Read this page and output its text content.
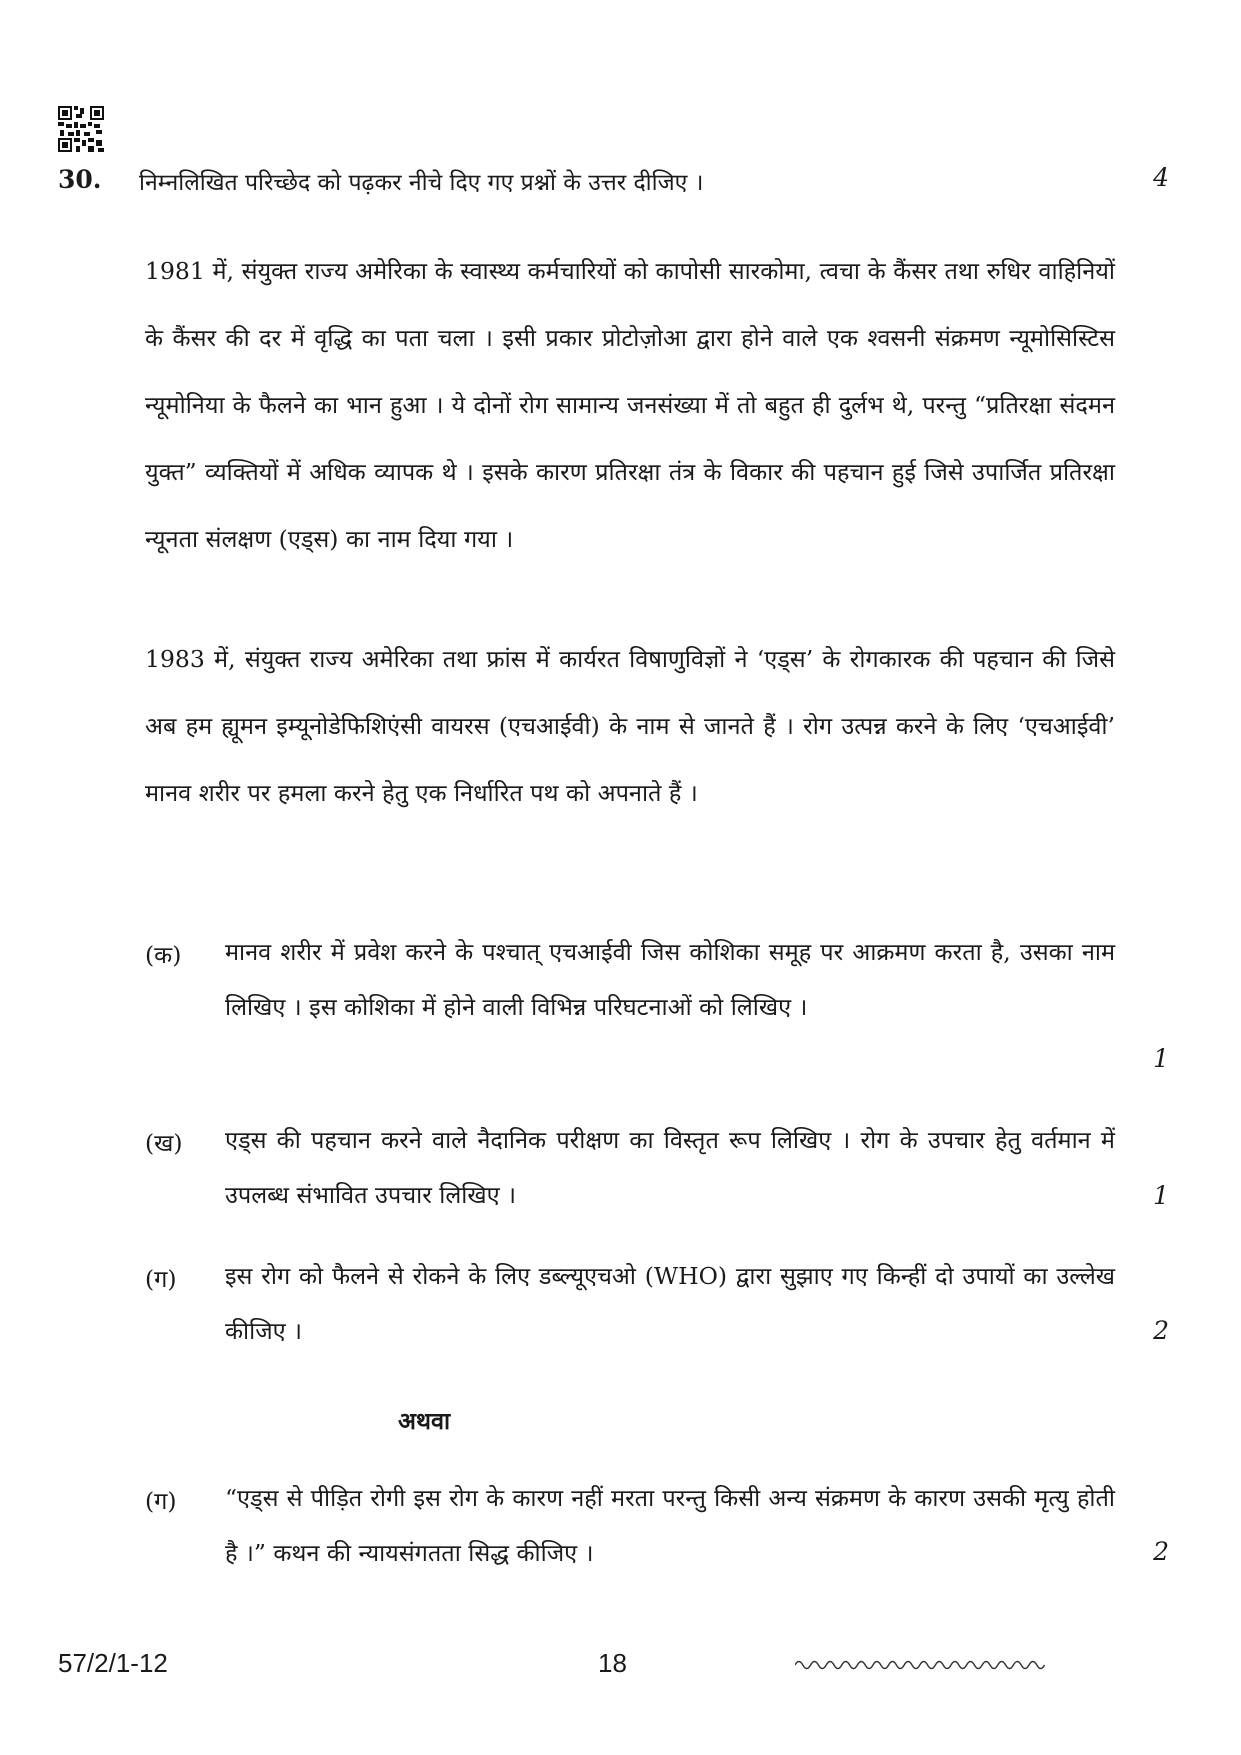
30. निम्नलिखित परिच्छेद को पढ़कर नीचे दिए गए प्रश्नों के उत्तर दीजिए ।	4

1981 में, संयुक्त राज्य अमेरिका के स्वास्थ्य कर्मचारियों को कापोसी सारकोमा, त्वचा के कैंसर तथा रुधिर वाहिनियों के कैंसर की दर में वृद्धि का पता चला । इसी प्रकार प्रोटोज़ोआ द्वारा होने वाले एक श्वसनी संक्रमण न्यूमोसिस्टिस न्यूमोनिया के फैलने का भान हुआ । ये दोनों रोग सामान्य जनसंख्या में तो बहुत ही दुर्लभ थे, परन्तु “प्रतिरक्षा संदमन युक्त” व्यक्तियों में अधिक व्यापक थे । इसके कारण प्रतिरक्षा तंत्र के विकार की पहचान हुई जिसे उपार्जित प्रतिरक्षा न्यूनता संलक्षण (एड्स) का नाम दिया गया ।

1983 में, संयुक्त राज्य अमेरिका तथा फ्रांस में कार्यरत विषाणुविज्ञों ने ‘एड्स’ के रोगकारक की पहचान की जिसे अब हम ह्यूमन इम्यूनोडेफिशिएंसी वायरस (एचआईवी) के नाम से जानते हैं । रोग उत्पन्न करने के लिए ‘एचआईवी’ मानव शरीर पर हमला करने हेतु एक निर्धारित पथ को अपनाते हैं ।

(क) मानव शरीर में प्रवेश करने के पश्चात् एचआईवी जिस कोशिका समूह पर आक्रमण करता है, उसका नाम लिखिए । इस कोशिका में होने वाली विभिन्न परिघटनाओं को लिखिए ।

1
(ख) एड्स की पहचान करने वाले नैदानिक परीक्षण का विस्तृत रूप लिखिए । रोग के उपचार हेतु वर्तमान में उपलब्ध संभावित उपचार लिखिए ।	1
(ग) इस रोग को फैलने से रोकने के लिए डब्ल्यूएचओ (WHO) द्वारा सुझाए गए किन्हीं दो उपायों का उल्लेख कीजिए ।	2
अथवा
(ग) “एड्स से पीड़ित रोगी इस रोग के कारण नहीं मरता परन्तु किसी अन्य संक्रमण के कारण उसकी मृत्यु होती है ।” कथन की न्यायसंगतता सिद्ध कीजिए ।	2
57/2/1-12	18
